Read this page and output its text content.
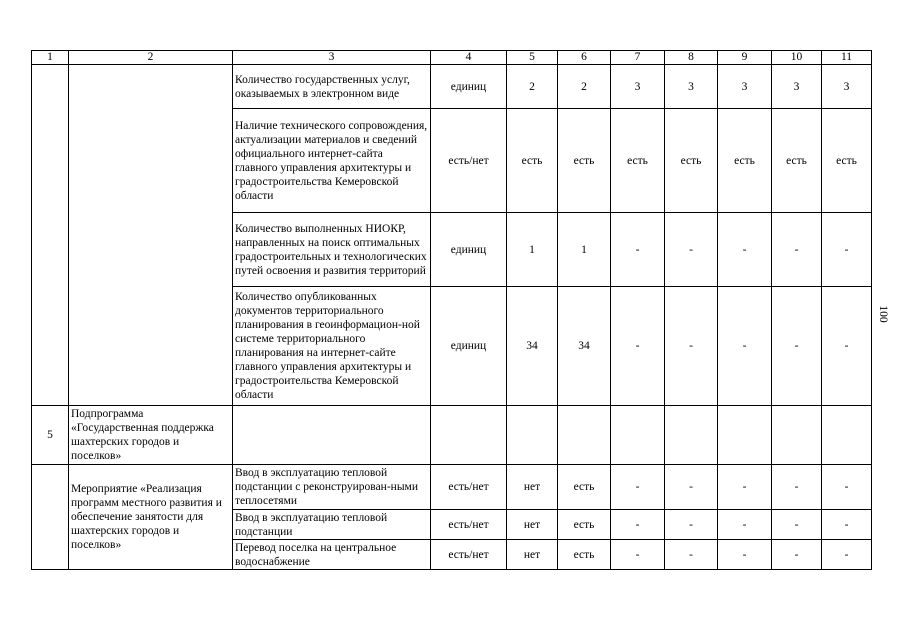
1	2	3	4	5	6	7	8	9	10	11
		Количество государственных услуг, оказываемых в электронном виде	единиц	2	2	3	3	3	3	3
		Наличие технического сопровождения, актуализации материалов и сведений официального интернет-сайта главного управления архитектуры и градостроительства Кемеровской области	есть/нет	есть	есть	есть	есть	есть	есть	есть
		Количество выполненных НИОКР, направленных на поиск оптимальных градостроительных и технологических путей освоения и развития территорий	единиц	1	1	-	-	-	-	-
		Количество опубликованных документов территориального планирования в геоинформацион-ной системе территориального планирования на интернет-сайте главного управления архитектуры и градостроительства Кемеровской области	единиц	34	34	-	-	-	-	-
5	Подпрограмма «Государственная поддержка шахтерских городов и поселков»									
	Мероприятие «Реализация программ местного развития и обеспечение занятости для шахтерских городов и поселков»	Ввод в эксплуатацию тепловой подстанции с реконструирован-ными теплосетями	есть/нет	нет	есть	-	-	-	-	-
		Ввод в эксплуатацию тепловой подстанции	есть/нет	нет	есть	-	-	-	-	-
		Перевод поселка на центральное водоснабжение	есть/нет	нет	есть	-	-	-	-	-
100
